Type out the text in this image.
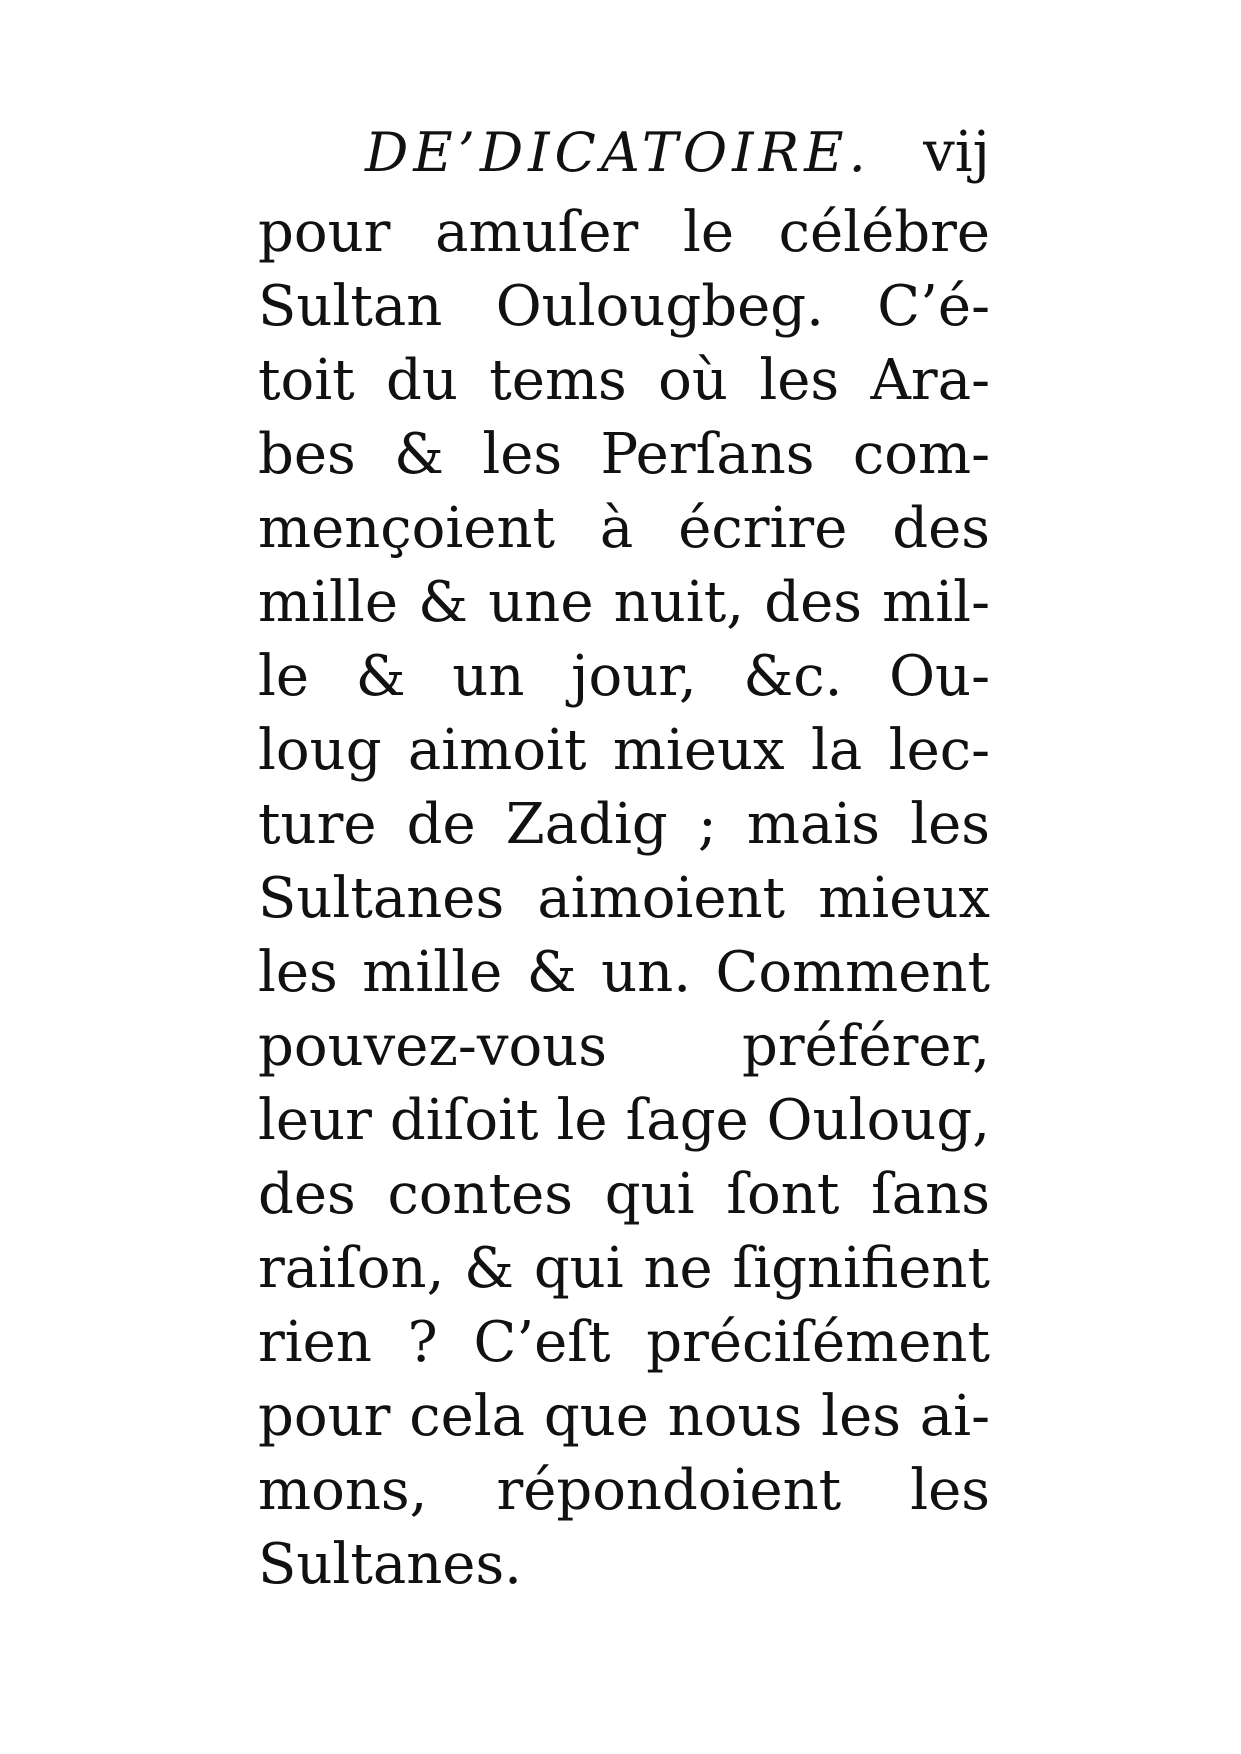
DE’DICATOIRE. vij
pour amuſer le célébre
Sultan Oulougbeg. C’é-
toit du tems où les Ara-
bes & les Perſans com-
mençoient à écrire des
mille & une nuit, des mil-
le & un jour, &c. Ou-
loug aimoit mieux la lec-
ture de Zadig ; mais les
Sultanes aimoient mieux
les mille & un. Comment
pouvez-vous préférer,
leur diſoit le ſage Ouloug,
des contes qui ſont ſans
raiſon, & qui ne ſignifient
rien ? C’eſt préciſément
pour cela que nous les ai-
mons, répondoient les
Sultanes.
